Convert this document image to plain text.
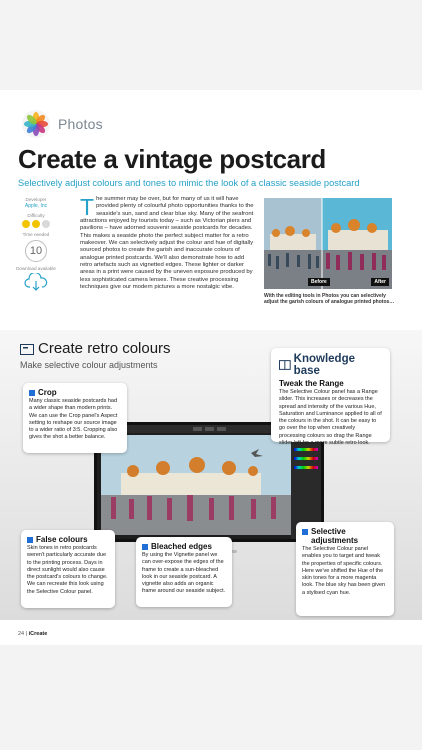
Photos
Create a vintage postcard
Selectively adjust colours and tones to mimic the look of a classic seaside postcard
Developer
Apple, Inc
Difficulty
Time needed
10
Download available
The summer may be over, but for many of us it will have provided plenty of colourful photo opportunities thanks to the seaside's sun, sand and clear blue sky. Many of the seafront attractions enjoyed by tourists today – such as Victorian piers and pavilions – have adorned souvenir seaside postcards for decades. This makes a seaside photo the perfect subject matter for a retro makeover. We can selectively adjust the colour and hue of digitally sourced photos to create the garish and inaccurate colours of analogue printed postcards. We'll also demonstrate how to add retro artefacts such as vignetted edges. These lighter or darker areas in a print were caused by the uneven exposure produced by less sophisticated camera lenses. These creative processing techniques give our modern pictures a more nostalgic vibe.
Before	After
With the editing tools in Photos you can selectively adjust the garish colours of analogue printed photos…
Create retro colours
Make selective colour adjustments	Knowledge base
Tweak the Range
The Selective Colour panel has a Range slider. This increases or decreases the spread and intensity of the various Hue, Saturation and Luminance applied to all of the colours in the shot. It can be easy to go over the top when creatively processing colours so drag the Range slider left for a more subtle retro look.
Crop
Many classic seaside postcards had a wider shape than modern prints. We can use the Crop panel's Aspect setting to reshape our source image to a wider ratio of 3:5. Cropping also gives the shot a better balance.
False colours
Skin tones in retro postcards weren't particularly accurate due to the printing process. Days in direct sunlight would also cause the postcard's colours to change. We can recreate this look using the Selective Colour panel.
Bleached edges
By using the Vignette panel we can over-expose the edges of the frame to create a sun-bleached look in our seaside postcard. A vignette also adds an organic frame around our seaside subject.
Selective adjustments
The Selective Colour panel enables you to target and tweak the properties of specific colours. Here we've shifted the Hue of the skin tones for a more magenta look. The blue sky has been given a stylised cyan hue.
24 | iCreate
